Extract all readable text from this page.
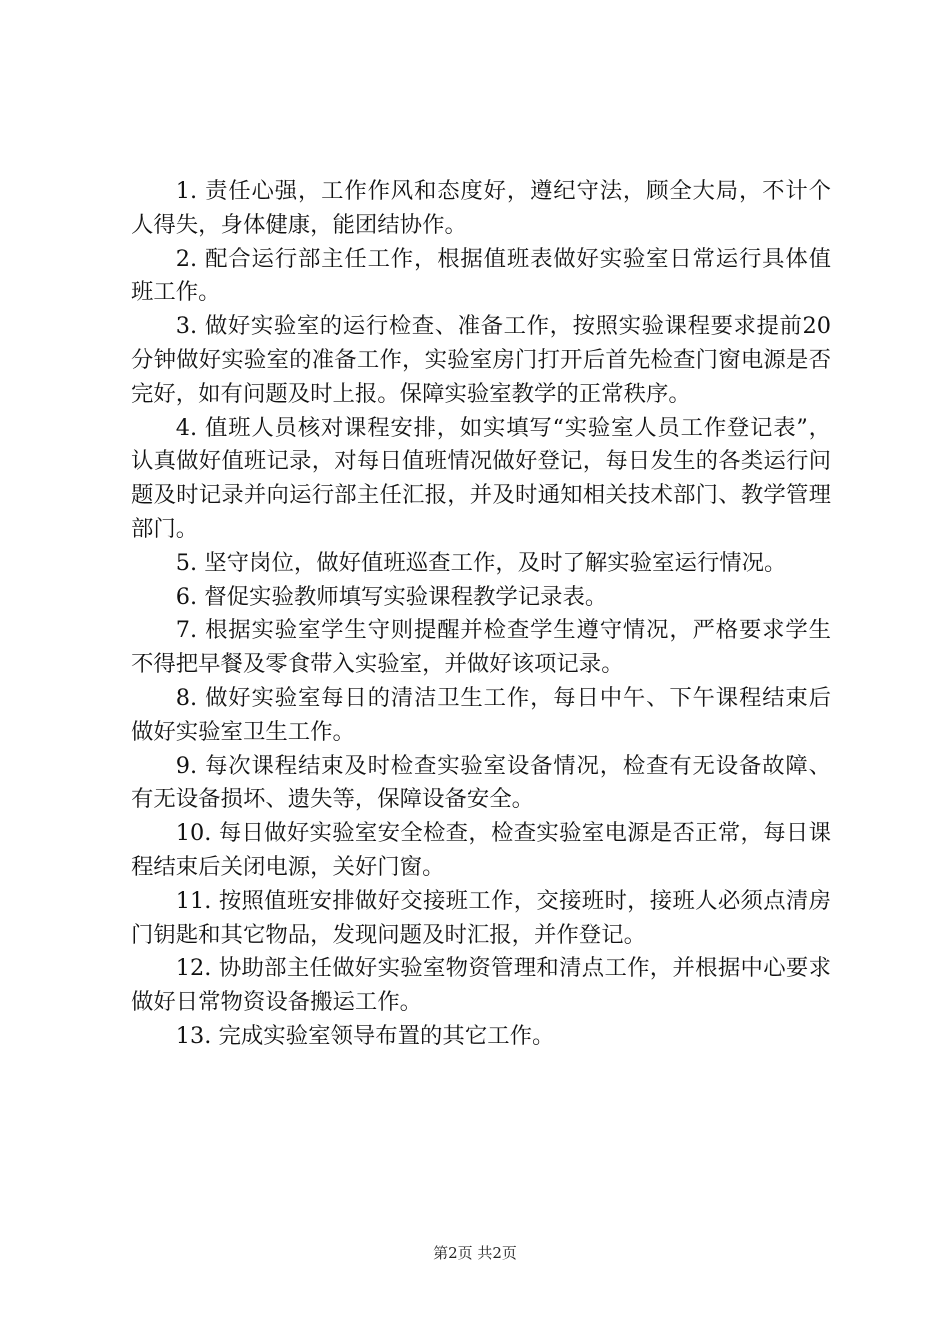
1. 责任心强，工作作风和态度好，遵纪守法，顾全大局，不计个人得失，身体健康，能团结协作。

2. 配合运行部主任工作，根据值班表做好实验室日常运行具体值班工作。

3. 做好实验室的运行检查、准备工作，按照实验课程要求提前20分钟做好实验室的准备工作，实验室房门打开后首先检查门窗电源是否完好，如有问题及时上报。保障实验室教学的正常秩序。

4. 值班人员核对课程安排，如实填写“实验室人员工作登记表”，认真做好值班记录，对每日值班情况做好登记，每日发生的各类运行问题及时记录并向运行部主任汇报，并及时通知相关技术部门、教学管理部门。

5. 坚守岗位，做好值班巡查工作，及时了解实验室运行情况。

6. 督促实验教师填写实验课程教学记录表。

7. 根据实验室学生守则提醒并检查学生遵守情况，严格要求学生不得把早餐及零食带入实验室，并做好该项记录。

8. 做好实验室每日的清洁卫生工作，每日中午、下午课程结束后做好实验室卫生工作。

9. 每次课程结束及时检查实验室设备情况，检查有无设备故障、有无设备损坏、遗失等，保障设备安全。

10. 每日做好实验室安全检查，检查实验室电源是否正常，每日课程结束后关闭电源，关好门窗。

11. 按照值班安排做好交接班工作，交接班时，接班人必须点清房门钥匙和其它物品，发现问题及时汇报，并作登记。

12. 协助部主任做好实验室物资管理和清点工作，并根据中心要求做好日常物资设备搬运工作。

13. 完成实验室领导布置的其它工作。

第2页 共2页
